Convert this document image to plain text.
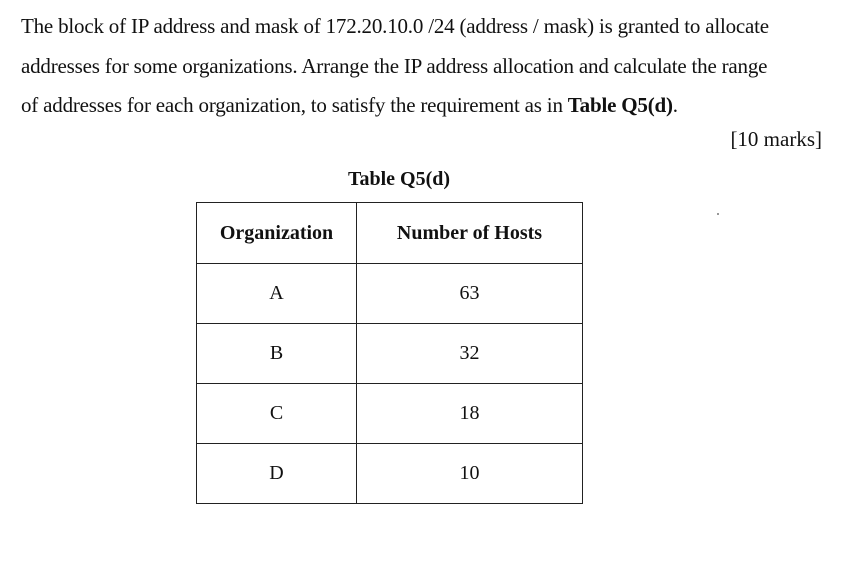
The block of IP address and mask of 172.20.10.0 /24 (address / mask) is granted to allocate
addresses for some organizations. Arrange the IP address allocation and calculate the range
of addresses for each organization, to satisfy the requirement as in Table Q5(d).
[10 marks]
Table Q5(d)
Organization	Number of Hosts
A	63
B	32
C	18
D	10
